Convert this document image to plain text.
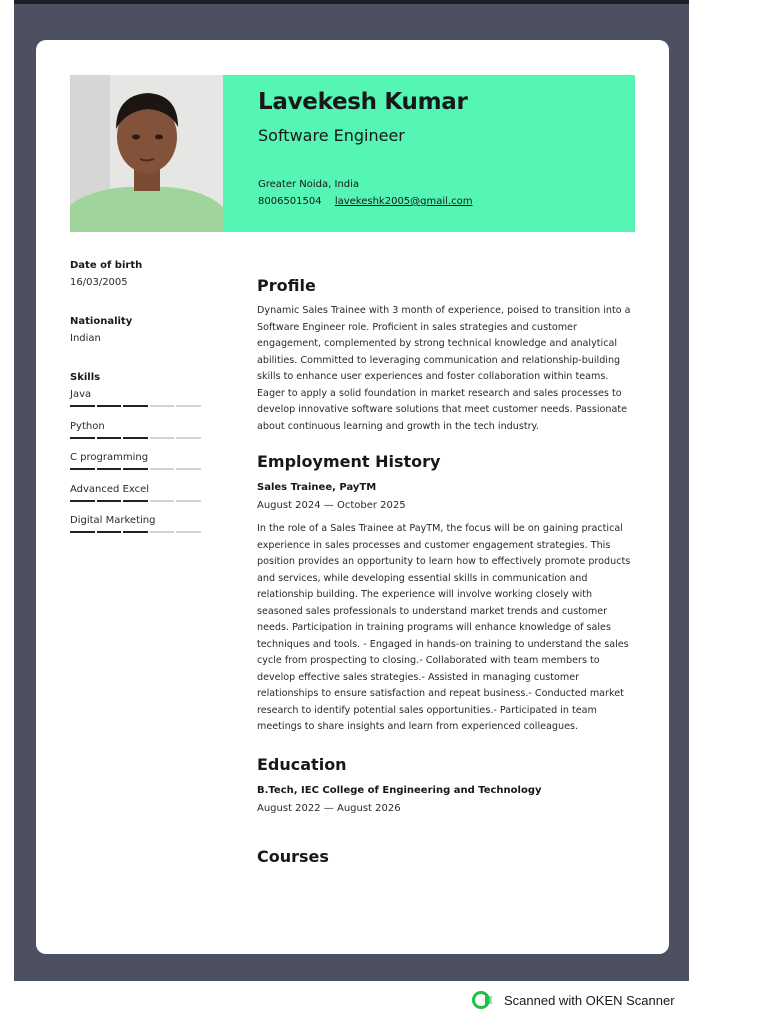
Lavekesh Kumar
Software Engineer
Greater Noida, India
8006501504 lavekeshk2005@gmail.com
Date of birth
16/03/2005
Nationality
Indian
Skills
Java
Python
C programming
Advanced Excel
Digital Marketing
Profile

Dynamic Sales Trainee with 3 month of experience, poised to transition into a Software Engineer role. Proficient in sales strategies and customer engagement, complemented by strong technical knowledge and analytical abilities. Committed to leveraging communication and relationship-building skills to enhance user experiences and foster collaboration within teams. Eager to apply a solid foundation in market research and sales processes to develop innovative software solutions that meet customer needs. Passionate about continuous learning and growth in the tech industry.

Employment History
Sales Trainee, PayTM
August 2024 — October 2025

In the role of a Sales Trainee at PayTM, the focus will be on gaining practical experience in sales processes and customer engagement strategies. This position provides an opportunity to learn how to effectively promote products and services, while developing essential skills in communication and relationship building. The experience will involve working closely with seasoned sales professionals to understand market trends and customer needs. Participation in training programs will enhance knowledge of sales techniques and tools. - Engaged in hands-on training to understand the sales cycle from prospecting to closing.- Collaborated with team members to develop effective sales strategies.- Assisted in managing customer relationships to ensure satisfaction and repeat business.- Conducted market research to identify potential sales opportunities.- Participated in team meetings to share insights and learn from experienced colleagues.

Education
B.Tech, IEC College of Engineering and Technology
August 2022 — August 2026
Courses
Scanned with OKEN Scanner
